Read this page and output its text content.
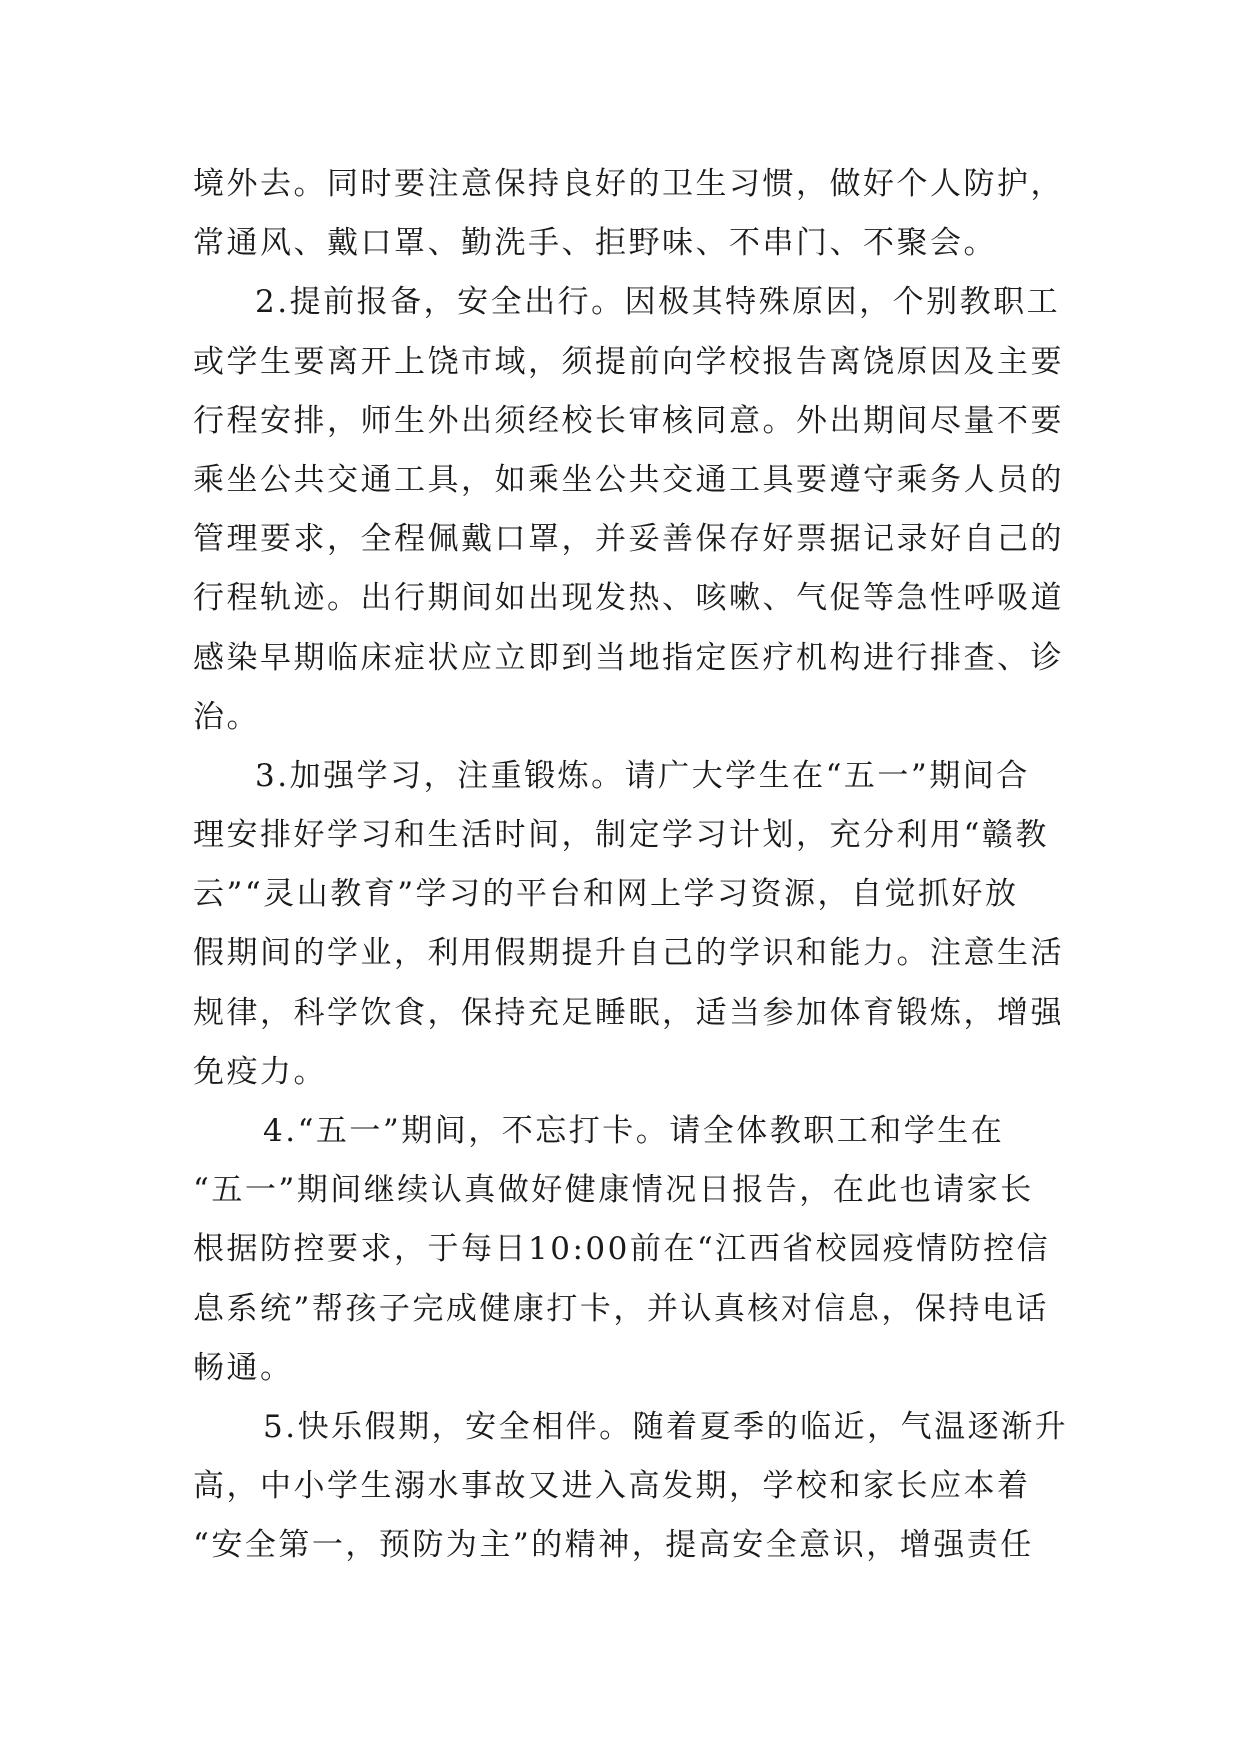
境外去。同时要注意保持良好的卫生习惯，做好个人防护，
常通风、戴口罩、勤洗手、拒野味、不串门、不聚会。
2.提前报备，安全出行。因极其特殊原因，个别教职工
或学生要离开上饶市域，须提前向学校报告离饶原因及主要
行程安排，师生外出须经校长审核同意。外出期间尽量不要
乘坐公共交通工具，如乘坐公共交通工具要遵守乘务人员的
管理要求，全程佩戴口罩，并妥善保存好票据记录好自己的
行程轨迹。出行期间如出现发热、咳嗽、气促等急性呼吸道
感染早期临床症状应立即到当地指定医疗机构进行排查、诊
治。
3.加强学习，注重锻炼。请广大学生在“五一”期间合
理安排好学习和生活时间，制定学习计划，充分利用“赣教
云”“灵山教育”学习的平台和网上学习资源，自觉抓好放
假期间的学业，利用假期提升自己的学识和能力。注意生活
规律，科学饮食，保持充足睡眠，适当参加体育锻炼，增强
免疫力。
4.“五一”期间，不忘打卡。请全体教职工和学生在
“五一”期间继续认真做好健康情况日报告，在此也请家长
根据防控要求，于每日10:00前在“江西省校园疫情防控信
息系统”帮孩子完成健康打卡，并认真核对信息，保持电话
畅通。
5.快乐假期，安全相伴。随着夏季的临近，气温逐渐升
高，中小学生溺水事故又进入高发期，学校和家长应本着
“安全第一，预防为主”的精神，提高安全意识，增强责任
